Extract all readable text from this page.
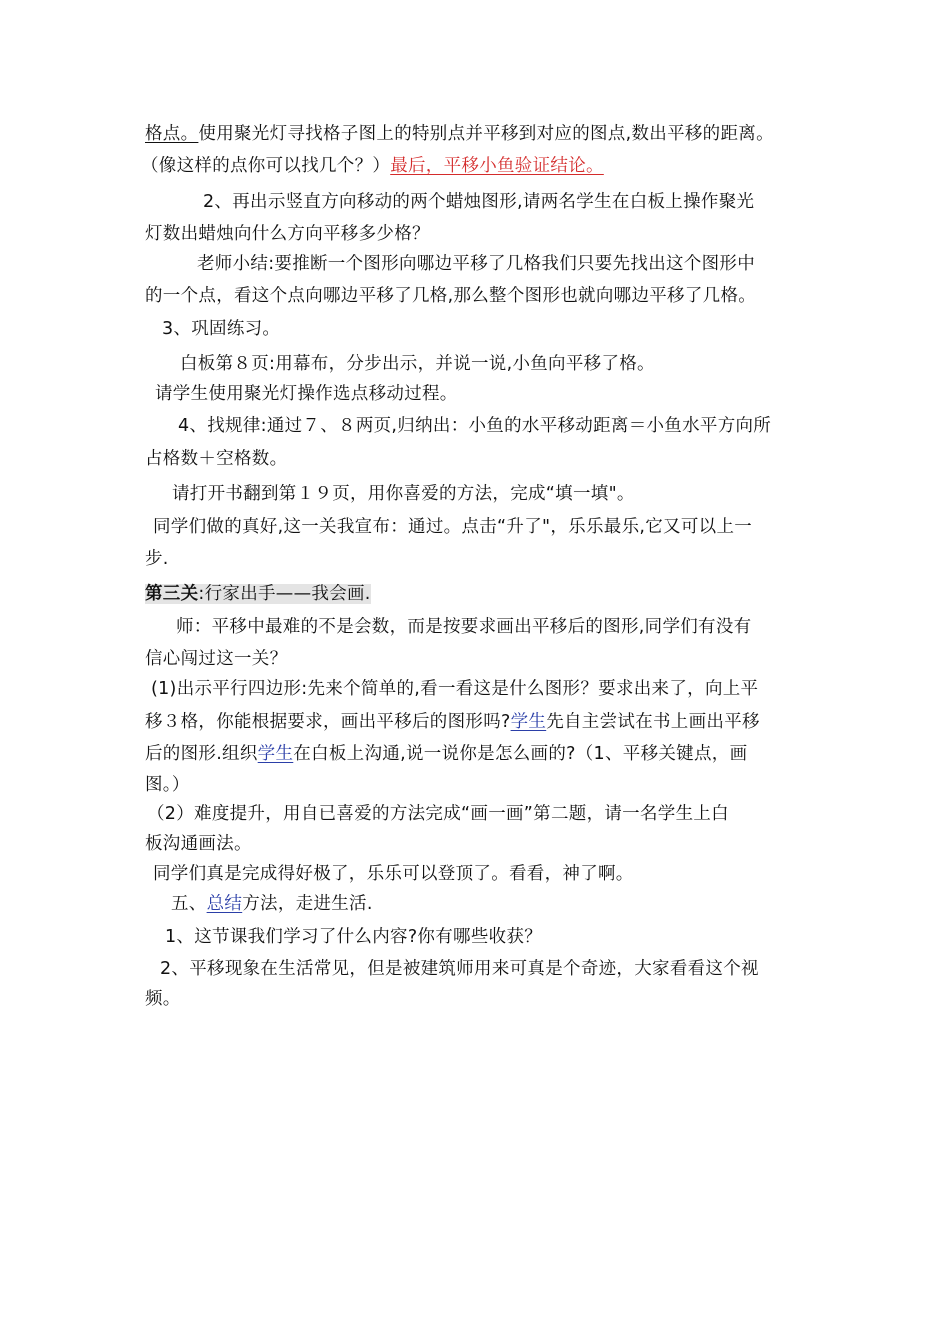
格点。使用聚光灯寻找格子图上的特别点并平移到对应的图点,数出平移的距离。
（像这样的点你可以找几个？）最后，平移小鱼验证结论。
2、再出示竖直方向移动的两个蜡烛图形,请两名学生在白板上操作聚光
灯数出蜡烛向什么方向平移多少格？
老师小结:要推断一个图形向哪边平移了几格我们只要先找出这个图形中
的一个点，看这个点向哪边平移了几格,那么整个图形也就向哪边平移了几格。
3、巩固练习。
白板第８页:用幕布，分步出示，并说一说,小鱼向平移了格。
请学生使用聚光灯操作选点移动过程。
4、找规律:通过７、８两页,归纳出：小鱼的水平移动距离＝小鱼水平方向所
占格数＋空格数。
请打开书翻到第１９页，用你喜爱的方法，完成“填一填"。
同学们做的真好,这一关我宣布：通过。点击“升了"，乐乐最乐,它又可以上一
步.
第三关:行家出手——我会画.
师：平移中最难的不是会数，而是按要求画出平移后的图形,同学们有没有
信心闯过这一关？
(1)出示平行四边形:先来个简单的,看一看这是什么图形？要求出来了，向上平
移３格，你能根据要求，画出平移后的图形吗?学生先自主尝试在书上画出平移
后的图形.组织学生在白板上沟通,说一说你是怎么画的?（1、平移关键点，画
图。）
（2）难度提升，用自已喜爱的方法完成“画一画”第二题，请一名学生上白
板沟通画法。
同学们真是完成得好极了，乐乐可以登顶了。看看，神了啊。
五、总结方法，走进生活.
1、这节课我们学习了什么内容?你有哪些收获？
2、平移现象在生活常见，但是被建筑师用来可真是个奇迹，大家看看这个视
频。
